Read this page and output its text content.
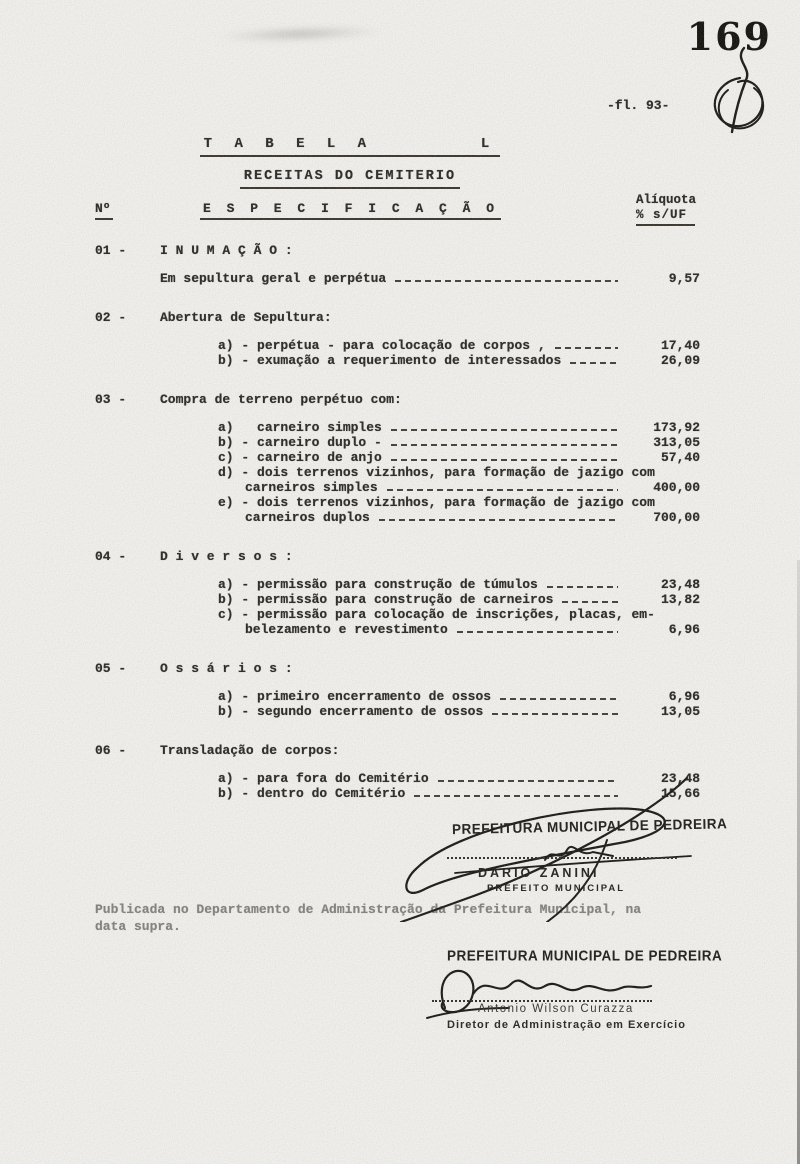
169
-fl. 93-
T A B E L A       L
RECEITAS DO CEMITERIO
Nº	E S P E C I F I C A Ç Ã O
Alíquota
% s/UF
01 -	I N U M A Ç Ã O :
Em sepultura geral e perpétua	9,57
02 -	Abertura de Sepultura:
a) - perpétua - para colocação de corpos ,	17,40
b) - exumação a requerimento de interessados	26,09
03 -	Compra de terreno perpétuo com:
a)   carneiro simples	173,92
b) - carneiro duplo -	313,05
c) - carneiro de anjo	57,40
d) - dois terrenos vizinhos, para formação de jazigo com
carneiros simples	400,00
e) - dois terrenos vizinhos, para formação de jazigo com
carneiros duplos	700,00
04 -	D i v e r s o s :
a) - permissão para construção de túmulos	23,48
b) - permissão para construção de carneiros	13,82
c) - permissão para colocação de inscrições, placas, em-
belezamento e revestimento	6,96
05 -	O s s á r i o s :
a) - primeiro encerramento de ossos	6,96
b) - segundo encerramento de ossos	13,05
06 -	Transladação de corpos:
a) - para fora do Cemitério	23,48
b) - dentro do Cemitério	15,66
PREFEITURA MUNICIPAL DE PEDREIRA
DARIO ZANINI
PREFEITO MUNICIPAL
Publicada no Departamento de Administração da Prefeitura Municipal, na
data supra.
PREFEITURA MUNICIPAL DE PEDREIRA
Antonio Wilson Curazza
Diretor de Administração em Exercício
